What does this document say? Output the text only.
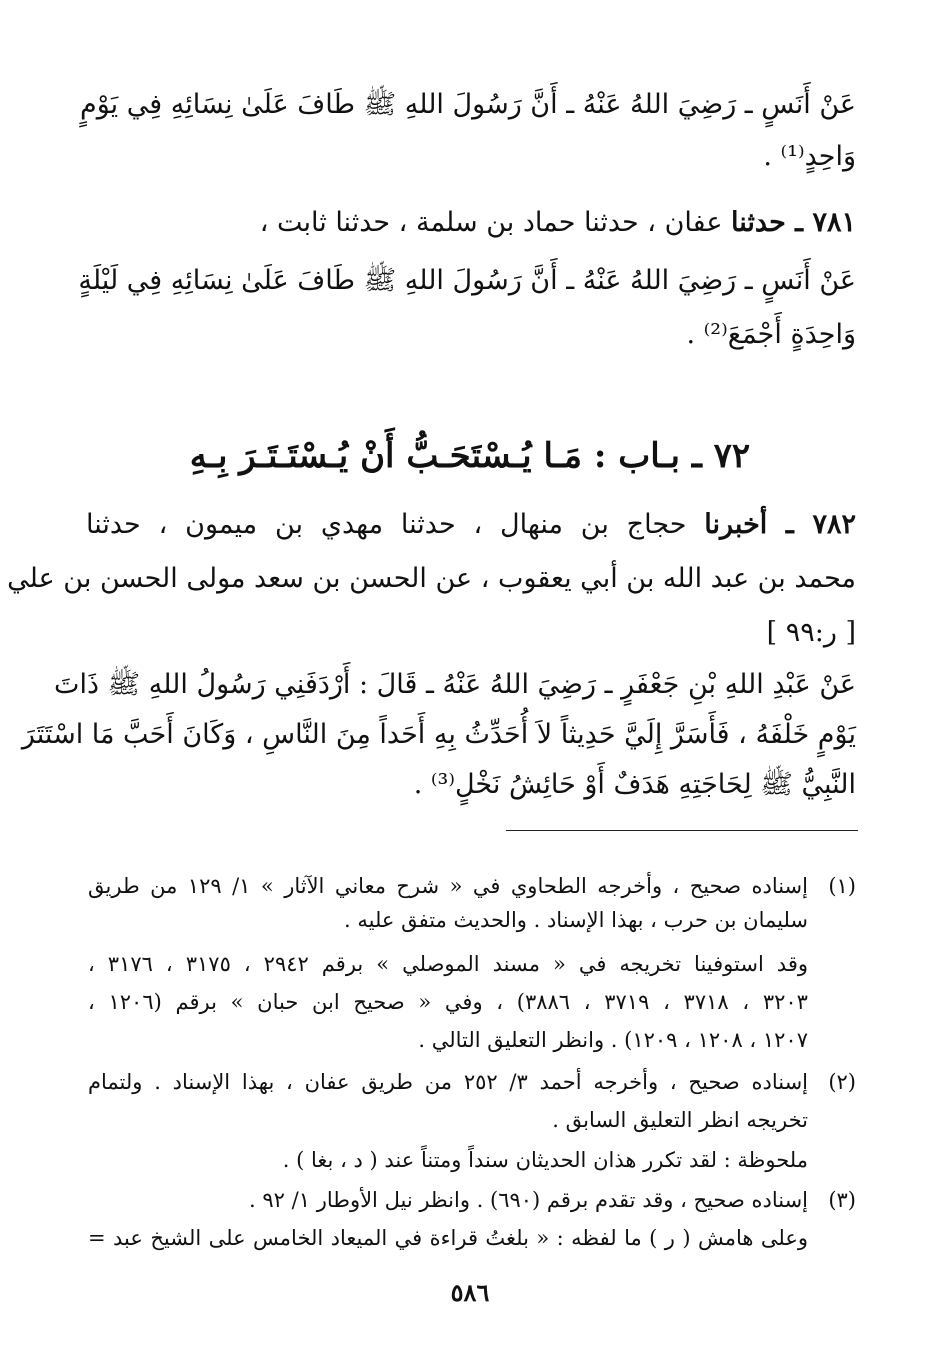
عَنْ أَنَسٍ ـ رَضِيَ اللهُ عَنْهُ ـ أَنَّ رَسُولَ اللهِ ﷺ طَافَ عَلَىٰ نِسَائِهِ فِي يَوْمٍ

وَاحِدٍ⁽¹⁾ .

٧٨١ ـ حدثنا عفان ، حدثنا حماد بن سلمة ، حدثنا ثابت ،

عَنْ أَنَسٍ ـ رَضِيَ اللهُ عَنْهُ ـ أَنَّ رَسُولَ اللهِ ﷺ طَافَ عَلَىٰ نِسَائِهِ فِي لَيْلَةٍ

وَاحِدَةٍ أَجْمَعَ⁽²⁾ .

٧٢ ـ بـاب : مَـا يُـسْتَحَـبُّ أَنْ يُـسْتَـتَـرَ بِـهِ

٧٨٢ ـ أخبرنا حجاج بن منهال ، حدثنا مهدي بن ميمون ، حدثنا

محمد بن عبد الله بن أبي يعقوب ، عن الحسن بن سعد مولى الحسن بن علي

[ ر:٩٩ ]

عَنْ عَبْدِ اللهِ بْنِ جَعْفَرٍ ـ رَضِيَ اللهُ عَنْهُ ـ قَالَ : أَرْدَفَنِي رَسُولُ اللهِ ﷺ ذَاتَ

يَوْمٍ خَلْفَهُ ، فَأَسَرَّ إِلَيَّ حَدِيثاً لاَ أُحَدِّثُ بِهِ أَحَداً مِنَ النَّاسِ ، وَكَانَ أَحَبَّ مَا اسْتَتَرَ

النَّبِيُّ ﷺ لِحَاجَتِهِ هَدَفٌ أَوْ حَائِشُ نَخْلٍ⁽³⁾ .

(١)

إسناده صحيح ، وأخرجه الطحاوي في « شرح معاني الآثار » ١/ ١٢٩ من طريق

سليمان بن حرب ، بهذا الإسناد . والحديث متفق عليه .

وقد استوفينا تخريجه في « مسند الموصلي » برقم ٢٩٤٢ ، ٣١٧٥ ، ٣١٧٦ ،

٣٢٠٣ ، ٣٧١٨ ، ٣٧١٩ ، ٣٨٨٦) ، وفي « صحيح ابن حبان » برقم (١٢٠٦ ،

١٢٠٧ ، ١٢٠٨ ، ١٢٠٩) . وانظر التعليق التالي .

(٢)

إسناده صحيح ، وأخرجه أحمد ٣/ ٢٥٢ من طريق عفان ، بهذا الإسناد . ولتمام

تخريجه انظر التعليق السابق .

ملحوظة : لقد تكرر هذان الحديثان سنداً ومتناً عند ( د ، بغا ) .

(٣)

إسناده صحيح ، وقد تقدم برقم (٦٩٠) . وانظر نيل الأوطار ١/ ٩٢ .

وعلى هامش ( ر ) ما لفظه : « بلغتُ قراءة في الميعاد الخامس على الشيخ عبد =

٥٨٦
